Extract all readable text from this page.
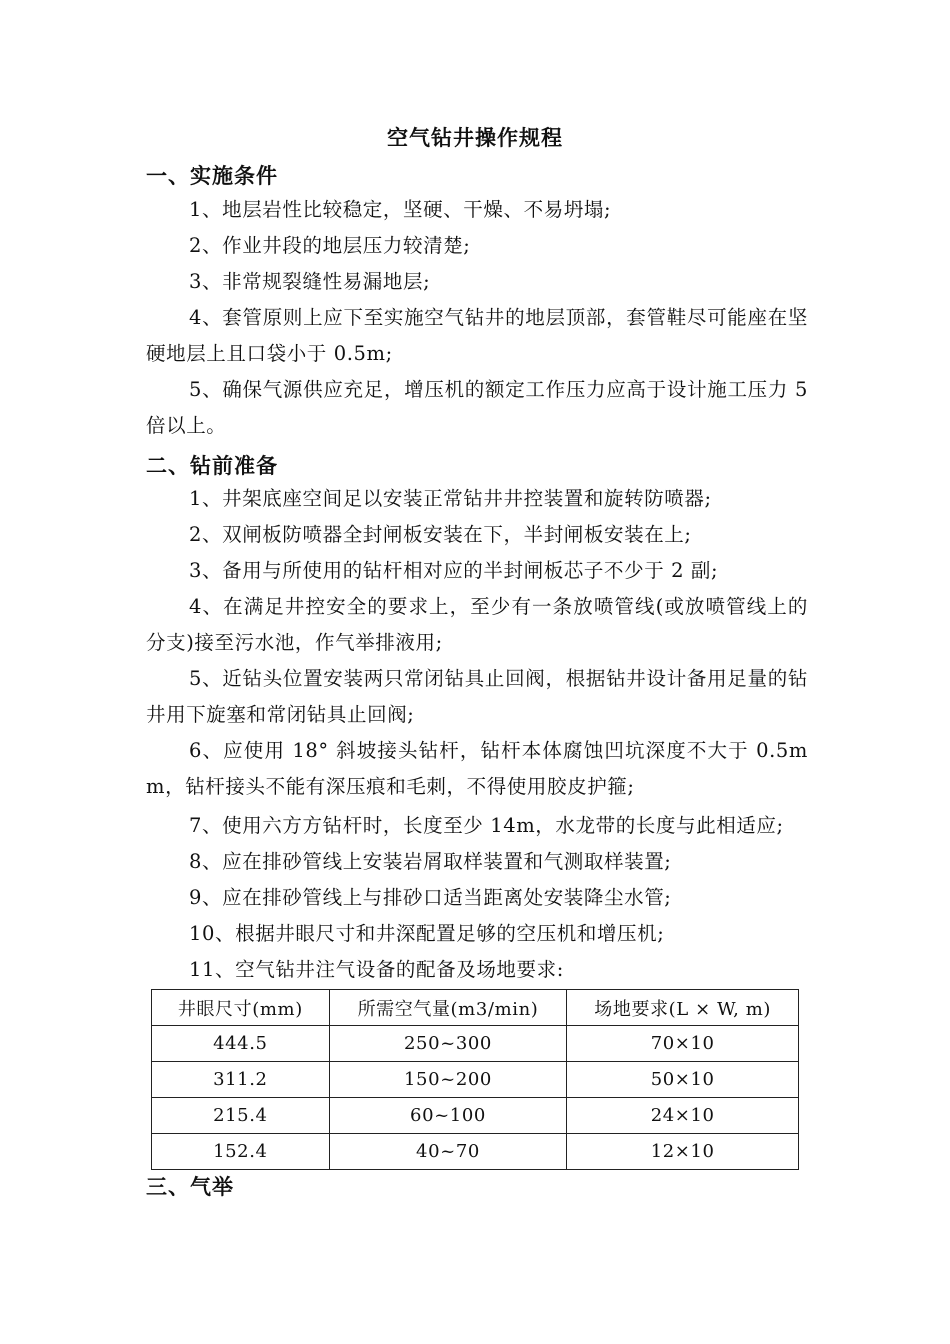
空气钻井操作规程
一、实施条件
1、地层岩性比较稳定，坚硬、干燥、不易坍塌;
2、作业井段的地层压力较清楚;
3、非常规裂缝性易漏地层;
4、套管原则上应下至实施空气钻井的地层顶部，套管鞋尽可能座在坚硬地层上且口袋小于 0.5m;
5、确保气源供应充足，增压机的额定工作压力应高于设计施工压力 5 倍以上。
二、钻前准备
1、井架底座空间足以安装正常钻井井控装置和旋转防喷器;
2、双闸板防喷器全封闸板安装在下，半封闸板安装在上;
3、备用与所使用的钻杆相对应的半封闸板芯子不少于 2 副;
4、在满足井控安全的要求上，至少有一条放喷管线(或放喷管线上的分支)接至污水池，作气举排液用;
5、近钻头位置安装两只常闭钻具止回阀，根据钻井设计备用足量的钻井用下旋塞和常闭钻具止回阀;
6、应使用 18° 斜坡接头钻杆，钻杆本体腐蚀凹坑深度不大于 0.5mm，钻杆接头不能有深压痕和毛刺，不得使用胶皮护箍;
7、使用六方方钻杆时，长度至少 14m，水龙带的长度与此相适应;
8、应在排砂管线上安装岩屑取样装置和气测取样装置;
9、应在排砂管线上与排砂口适当距离处安装降尘水管;
10、根据井眼尺寸和井深配置足够的空压机和增压机;
11、空气钻井注气设备的配备及场地要求:
井眼尺寸(mm)	所需空气量(m3/min)	场地要求(L × W, m)
444.5	250~300	70×10
311.2	150~200	50×10
215.4	60~100	24×10
152.4	40~70	12×10
三、气举
